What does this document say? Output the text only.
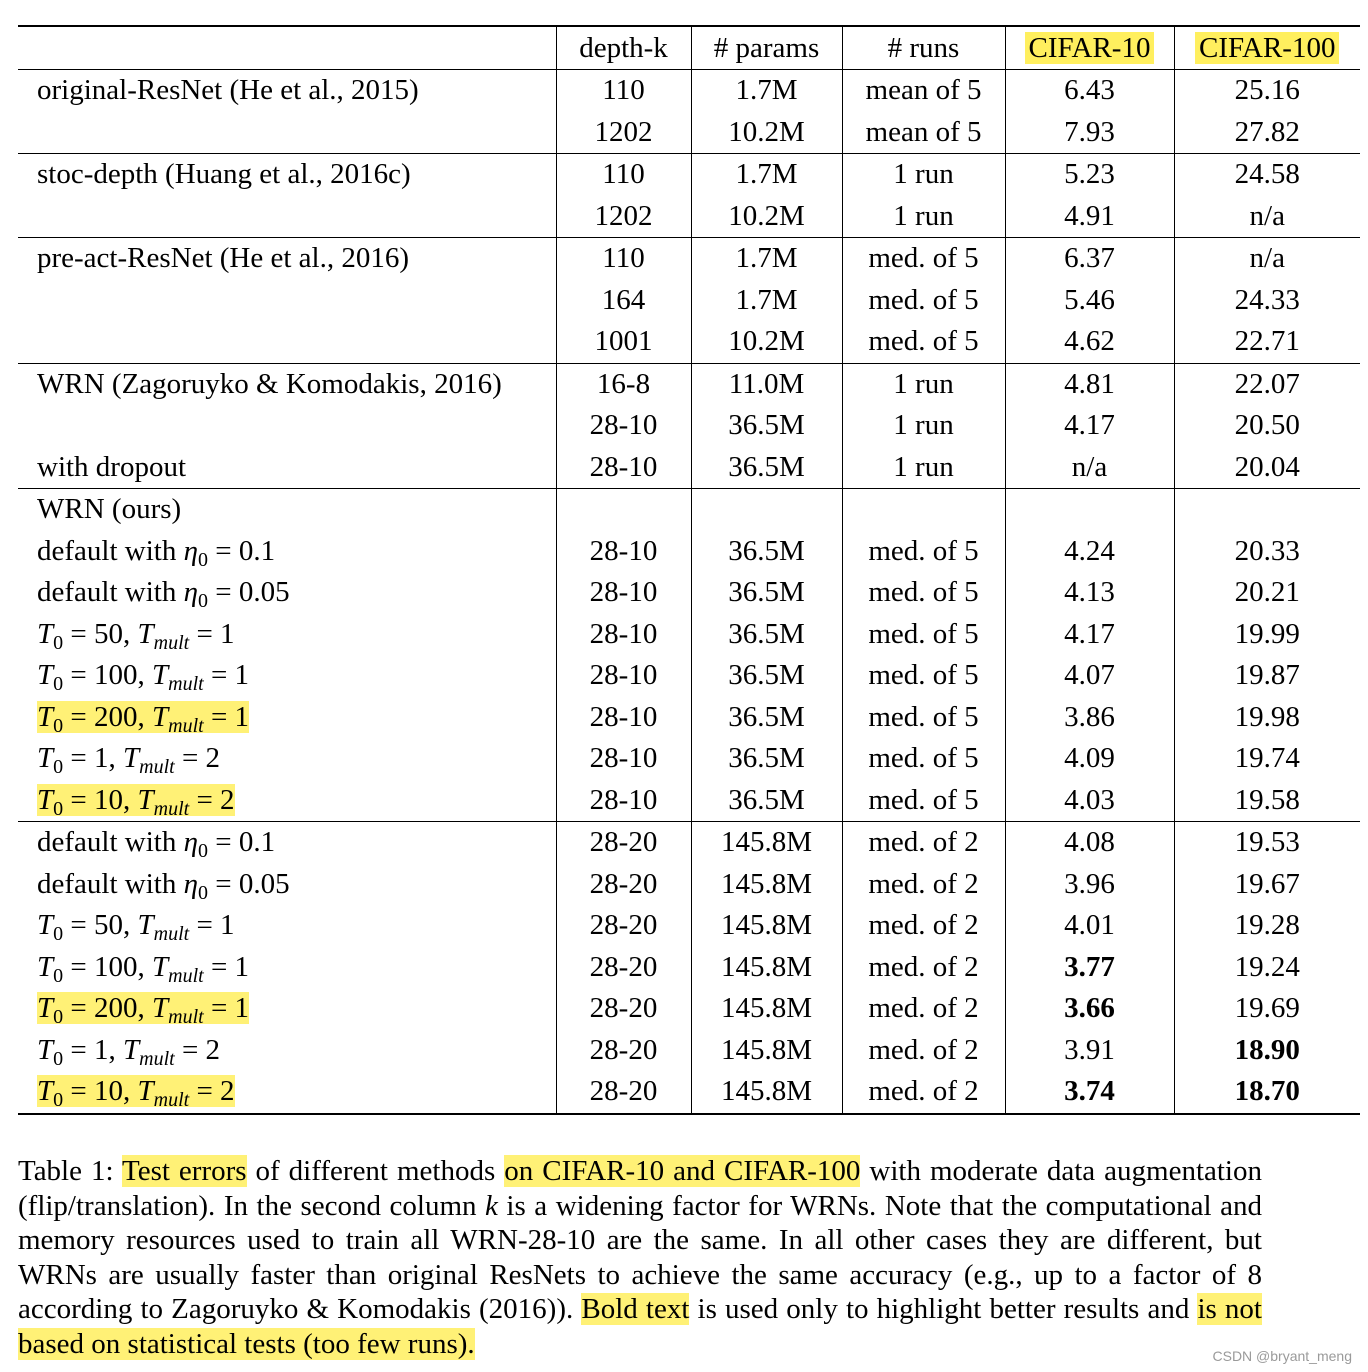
	depth-k	# params	# runs	CIFAR-10	CIFAR-100
original-ResNet (He et al., 2015)	110	1.7M	mean of 5	6.43	25.16
	1202	10.2M	mean of 5	7.93	27.82
stoc-depth (Huang et al., 2016c)	110	1.7M	1 run	5.23	24.58
	1202	10.2M	1 run	4.91	n/a
pre-act-ResNet (He et al., 2016)	110	1.7M	med. of 5	6.37	n/a
	164	1.7M	med. of 5	5.46	24.33
	1001	10.2M	med. of 5	4.62	22.71
WRN (Zagoruyko & Komodakis, 2016)	16-8	11.0M	1 run	4.81	22.07
	28-10	36.5M	1 run	4.17	20.50
with dropout	28-10	36.5M	1 run	n/a	20.04
WRN (ours)					
default with $\eta_0 = 0.1$	28-10	36.5M	med. of 5	4.24	20.33
default with $\eta_0 = 0.05$	28-10	36.5M	med. of 5	4.13	20.21
$T_0 = 50$, $T_{mult} = 1$	28-10	36.5M	med. of 5	4.17	19.99
$T_0 = 100$, $T_{mult} = 1$	28-10	36.5M	med. of 5	4.07	19.87
$T_0 = 200$, $T_{mult} = 1$	28-10	36.5M	med. of 5	3.86	19.98
$T_0 = 1$, $T_{mult} = 2$	28-10	36.5M	med. of 5	4.09	19.74
$T_0 = 10$, $T_{mult} = 2$	28-10	36.5M	med. of 5	4.03	19.58
default with $\eta_0 = 0.1$	28-20	145.8M	med. of 2	4.08	19.53
default with $\eta_0 = 0.05$	28-20	145.8M	med. of 2	3.96	19.67
$T_0 = 50$, $T_{mult} = 1$	28-20	145.8M	med. of 2	4.01	19.28
$T_0 = 100$, $T_{mult} = 1$	28-20	145.8M	med. of 2	3.77	19.24
$T_0 = 200$, $T_{mult} = 1$	28-20	145.8M	med. of 2	3.66	19.69
$T_0 = 1$, $T_{mult} = 2$	28-20	145.8M	med. of 2	3.91	18.90
$T_0 = 10$, $T_{mult} = 2$	28-20	145.8M	med. of 2	3.74	18.70
Table 1: Test errors of different methods on CIFAR-10 and CIFAR-100 with moderate data augmentation (flip/translation). In the second column k is a widening factor for WRNs. Note that the computational and memory resources used to train all WRN-28-10 are the same. In all other cases they are different, but WRNs are usually faster than original ResNets to achieve the same accuracy (e.g., up to a factor of 8 according to Zagoruyko & Komodakis (2016)). Bold text is used only to highlight better results and is not based on statistical tests (too few runs).	CSDN @bryant_meng
